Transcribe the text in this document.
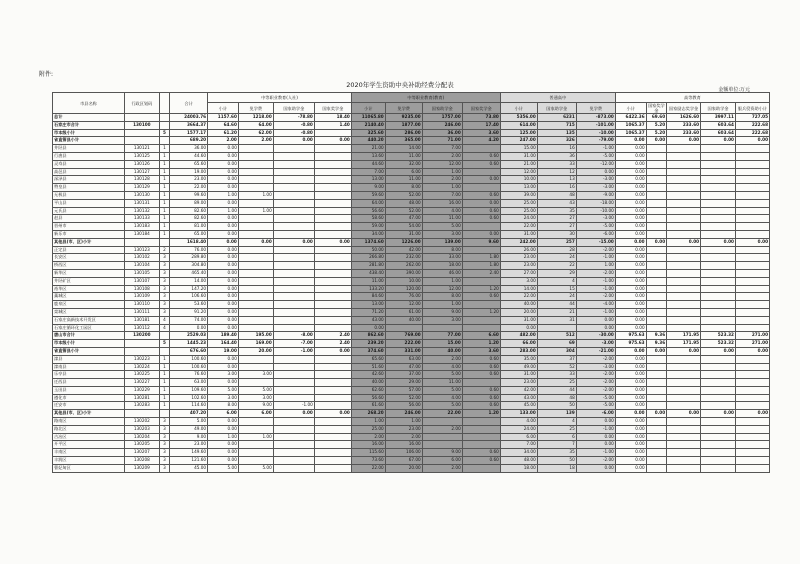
附件:
2020年学生资助中央补助经费分配表
金额单位:万元
市县名称	行政区划码		合计	中等职业教育(人社)				中等职业教育(教育)				普通高中			高等教育				
				小计	免学费	国家助学金	国家奖学金	小计	免学费	国家助学金	国家奖学金	小计	国家助学金	免学费	小计	国家奖学金	国家励志奖学金	国家助学金	服兵役资助小计
总计			24003.76	1157.60	1218.00	-78.80	18.40	11065.80	9235.00	1757.00	73.80	5356.00	6231	-873.00	6422.36	69.60	1626.60	3997.11	727.05
石家庄市合计	130100		3664.37	64.60	64.00	-0.80	1.40	2140.40	1877.00	246.00	17.40	614.00	715	-101.00	1065.37	5.20	233.60	603.64	222.68
市本级小计		5	1577.17	61.20	62.00	-0.80		325.60	286.00	36.00	3.60	125.00	135	-10.00	1065.37	5.20	233.60	603.64	222.68
省直管县小计			689.20	2.00	2.00	0.00	0.00	440.20	365.00	71.00	4.20	247.00	326	-79.00	0.00	0.00	0.00	0.00	0.00
井陉县	130121	1	36.00	0.00				21.00	14.00	7.00		15.00	16	-1.00	0.00				
行唐县	130125	1	44.60	0.00				13.60	11.00	2.00	0.60	31.00	36	-5.00	0.00				
灵寿县	130126	1	65.60	0.00				44.60	32.00	12.00	0.60	21.00	33	-12.00	0.00				
高邑县	130127	1	19.00	0.00				7.00	6.00	1.00		12.00	12	0.00	0.00				
深泽县	130128	1	23.00	0.00				13.00	11.00	2.00	0.00	10.00	13	-3.00	0.00				
赞皇县	130129	1	22.00	0.00				9.00	8.00	1.00		13.00	16	-3.00	0.00				
无极县	130130	1	99.60	1.00	1.00			59.60	52.00	7.00	0.60	39.00	48	-9.00	0.00				
平山县	130131	1	89.00	0.00				64.00	48.00	16.00	0.00	25.00	43	-18.00	0.00				
元氏县	130132	1	82.60	1.00	1.00			56.60	52.00	4.00	0.60	25.00	35	-10.00	0.00				
赵县	130133	1	82.60	0.00				58.60	47.00	11.00	0.60	24.00	27	-3.00	0.00				
晋州市	130183	1	81.00	0.00				59.00	54.00	5.00		22.00	27	-5.00	0.00				
新乐市	130184	1	65.00	0.00				34.00	31.00	3.00	0.00	31.00	30	-6.00	0.00				
其他县(市、区)小计			1618.40	0.00	0.00	0.00	0.00	1374.60	1226.00	139.00	9.60	242.00	257	-15.00	0.00	0.00	0.00	0.00	0.00
正定县	130123	2	76.00	0.00				50.00	42.00	8.00		26.00	28	-2.00	0.00				
长安区	130102	3	289.80	0.00				266.80	232.00	33.00	1.80	23.00	24	-1.00	0.00				
桥西区	130104	3	304.80	0.00				281.80	262.00	18.00	1.80	23.00	22	1.00	0.00				
新华区	130105	3	465.40	0.00				438.40	390.00	46.00	2.40	27.00	29	-2.00	0.00				
井陉矿区	130107	3	14.00	0.00				11.00	10.00	1.00		3.00	4	-1.00	0.00				
裕华区	130108	3	147.20	0.00				133.20	120.00	12.00	1.20	14.00	15	-1.00	0.00				
藁城区	130109	3	106.60	0.00				84.60	76.00	8.00	0.60	22.00	24	-2.00	0.00				
鹿泉区	130110	3	53.60	0.00				13.00	12.00	1.00		40.00	44	-4.00	0.00				
栾城区	130111	3	91.20	0.00				71.20	61.00	9.00	1.20	20.00	21	-1.00	0.00				
石家庄高新技术开发区	130181	4	74.00	0.00				43.00	40.00	3.00		31.00	31	0.00	0.00				
石家庄循环化工园区	130112	4	0.00	0.00				0.00				0.00		0.00	0.00				
唐山市合计	130200		2529.03	189.40	195.00	-8.00	2.40	862.60	769.00	77.00	6.60	482.00	512	-30.00	975.63	9.36	171.95	523.32	271.00
市本级小计		5	1445.23	164.40	169.00	-7.00	2.40	239.20	222.00	15.00	1.20	66.00	69	-3.00	975.63	9.36	171.95	523.32	271.00
省直管县小计			676.60	19.00	20.00	-1.00	0.00	374.60	331.00	40.00	3.60	283.00	304	-21.00	0.00	0.00	0.00	0.00	0.00
滦县	130223	1	100.60	0.00				65.60	63.00	2.00	0.60	35.00	37	-2.00	0.00				
滦南县	130224	1	100.60	0.00				51.60	47.00	4.00	0.60	49.00	52	-3.00	0.00				
乐亭县	130225	1	76.60	3.00	3.00			42.60	37.00	5.00	0.60	31.00	33	-2.00	0.00				
迁西县	130227	1	63.00	0.00				40.00	29.00	11.00		23.00	25	-2.00	0.00				
玉田县	130229	1	109.60	5.00	5.00			62.60	57.00	5.00	0.60	42.00	44	-2.00	0.00				
遵化市	130281	1	102.60	3.00	3.00			56.60	52.00	4.00	0.60	43.00	48	-5.00	0.00				
迁安市	130283	1	114.60	8.00	9.00	-1.00		61.60	56.00	5.00	0.60	45.00	50	-5.00	0.00				
其他县(市、区)小计			407.20	6.00	6.00	0.00	0.00	268.20	246.00	22.00	1.20	133.00	139	-6.00	0.00	0.00	0.00	0.00	0.00
路南区	130202	3	5.00	0.00				1.00	1.00			4.00	4	0.00	0.00				
路北区	130203	3	49.00	0.00				25.00	23.00	2.00		24.00	25	-1.00	0.00				
古冶区	130204	3	9.00	1.00	1.00			2.00	2.00			6.00	6	0.00	0.00				
开平区	130205	3	23.00	0.00				16.00	16.00			7.00	7	0.00	0.00				
丰南区	130207	3	149.60	0.00				115.60	106.00	9.00	0.60	34.00	35	-1.00	0.00				
丰润区	130208	3	121.60	0.00				73.60	67.00	6.00	0.60	48.00	50	-2.00	0.00				
曹妃甸区	130209	3	45.00	5.00	5.00			22.00	20.00	2.00		18.00	18	0.00	0.00				
